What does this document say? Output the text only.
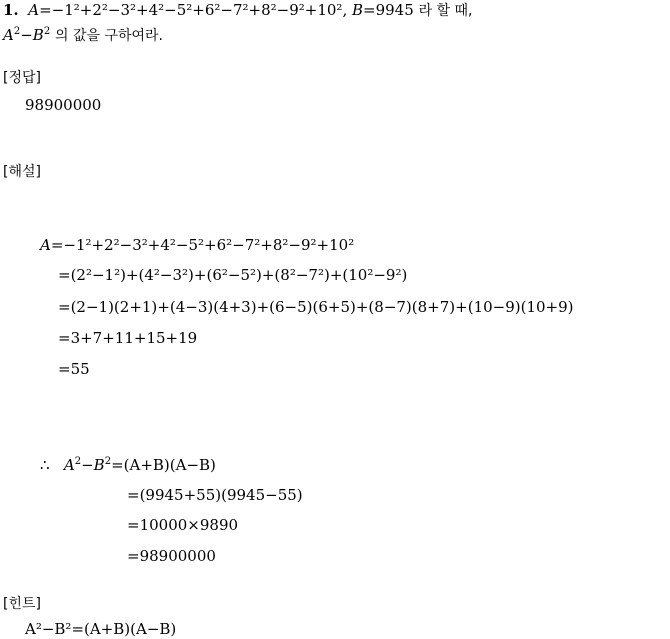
1. A=−1²+2²−3²+4²−5²+6²−7²+8²−9²+10², B=9945 라 할 때,
$A^2-B^2$ 의 값을 구하여라.
[정답]
98900000
[해설]
A=−1²+2²−3²+4²−5²+6²−7²+8²−9²+10²
=(2²−1²)+(4²−3²)+(6²−5²)+(8²−7²)+(10²−9²)
=(2−1)(2+1)+(4−3)(4+3)+(6−5)(6+5)+(8−7)(8+7)+(10−9)(10+9)
=3+7+11+15+19
=55
∴ $A^2-B^2=(A+B)(A-B)$
=(9945+55)(9945−55)
=10000×9890
=98900000
[힌트]
A²−B²=(A+B)(A−B)
